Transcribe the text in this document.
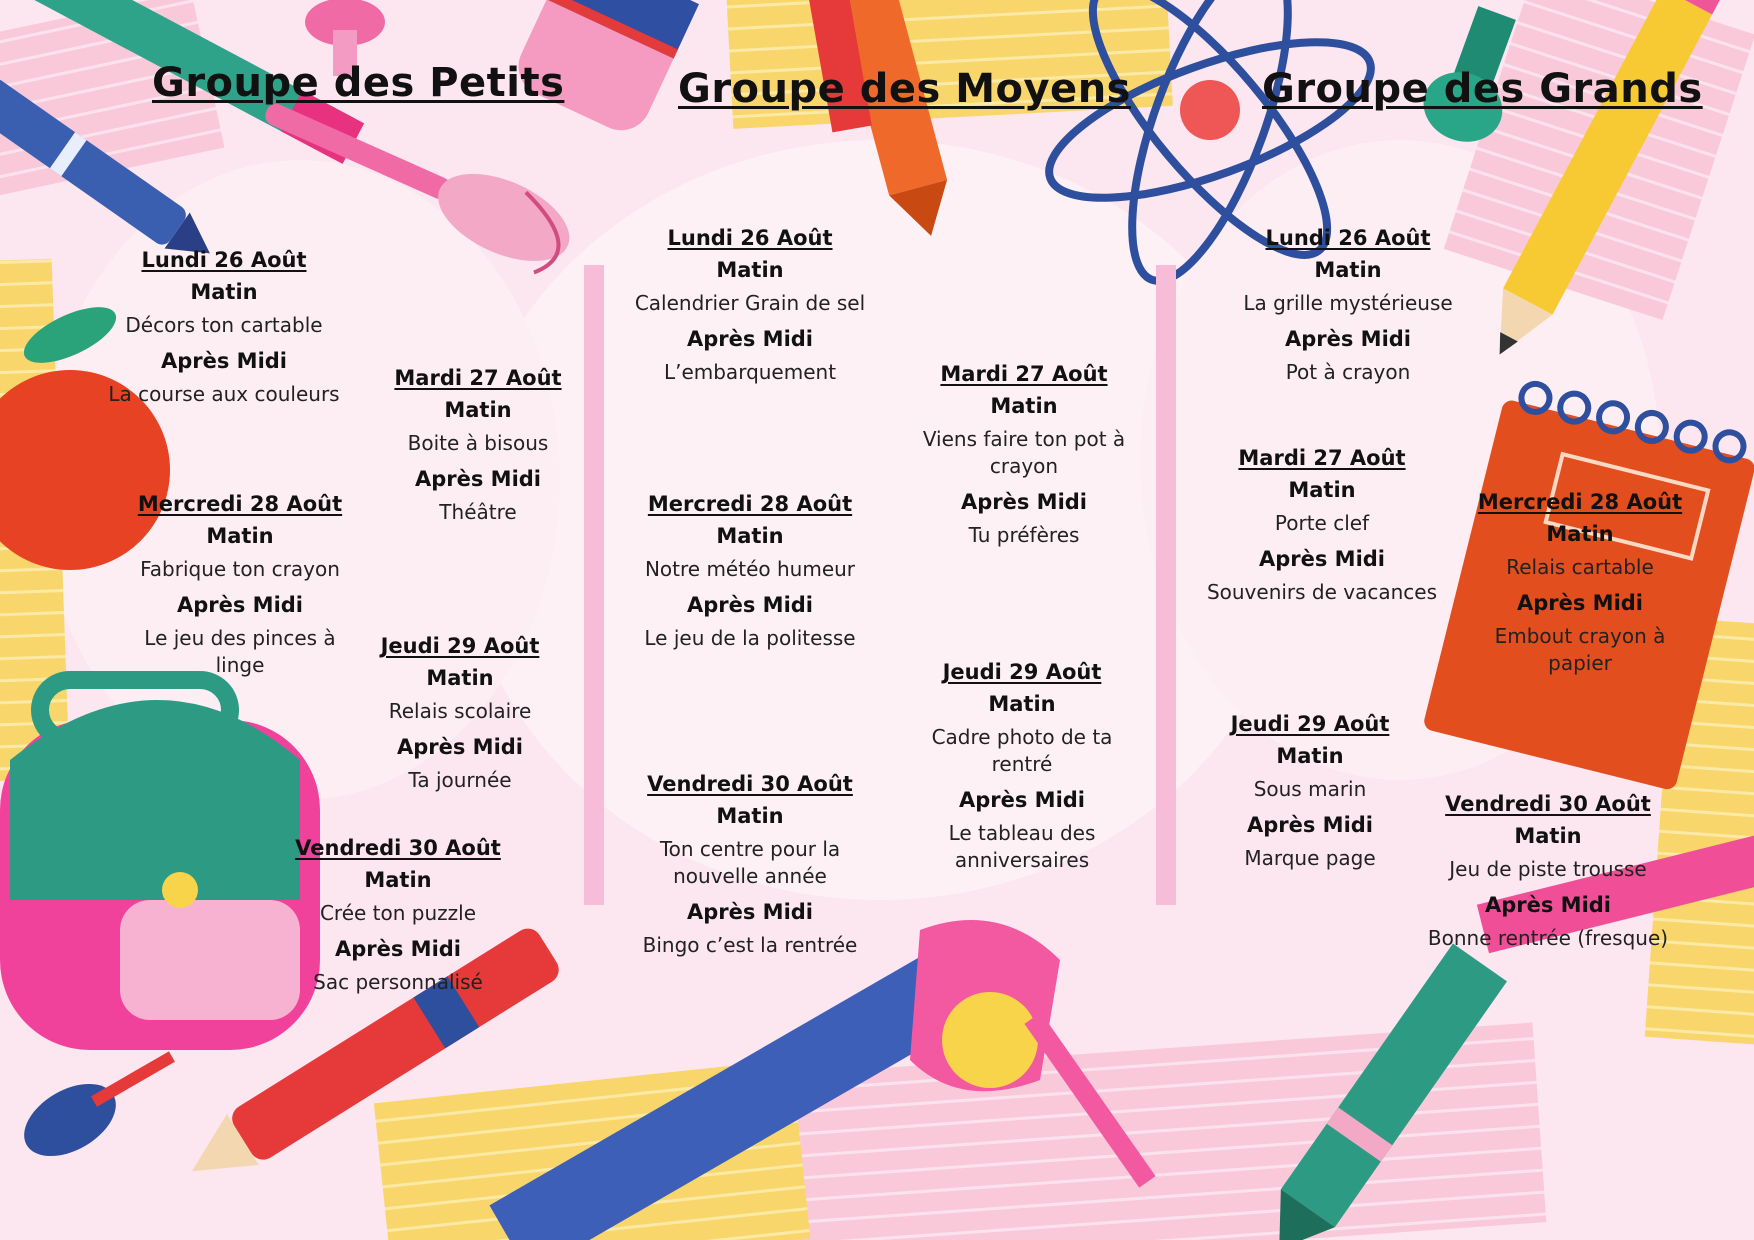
Groupe des Petits	Groupe des Moyens	Groupe des Grands
Lundi 26 Août
Matin
Décors ton cartable
Après Midi
La course aux couleurs
Mardi 27 Août
Matin
Boite à bisous
Après Midi
Théâtre
Mercredi 28 Août
Matin
Fabrique ton crayon
Après Midi
Le jeu des pinces à linge
Jeudi 29 Août
Matin
Relais scolaire
Après Midi
Ta journée
Vendredi 30 Août
Matin
Crée ton puzzle
Après Midi
Sac personnalisé
Lundi 26 Août
Matin
Calendrier Grain de sel
Après Midi
L’embarquement	Mardi 27 Août
Matin
Viens faire ton pot à crayon
Après Midi
Tu préfères
Mercredi 28 Août
Matin
Notre météo humeur
Après Midi
Le jeu de la politesse
Jeudi 29 Août
Matin
Cadre photo de ta rentré
Après Midi
Le tableau des anniversaires
Vendredi 30 Août
Matin
Ton centre pour la nouvelle année
Après Midi
Bingo c’est la rentrée
Lundi 26 Août
Matin
La grille mystérieuse
Après Midi
Pot à crayon
Mardi 27 Août
Matin
Porte clef
Après Midi
Souvenirs de vacances
Mercredi 28 Août
Matin
Relais cartable
Après Midi
Embout crayon à papier
Jeudi 29 Août
Matin
Sous marin
Après Midi
Marque page
Vendredi 30 Août
Matin
Jeu de piste trousse
Après Midi
Bonne rentrée (fresque)
